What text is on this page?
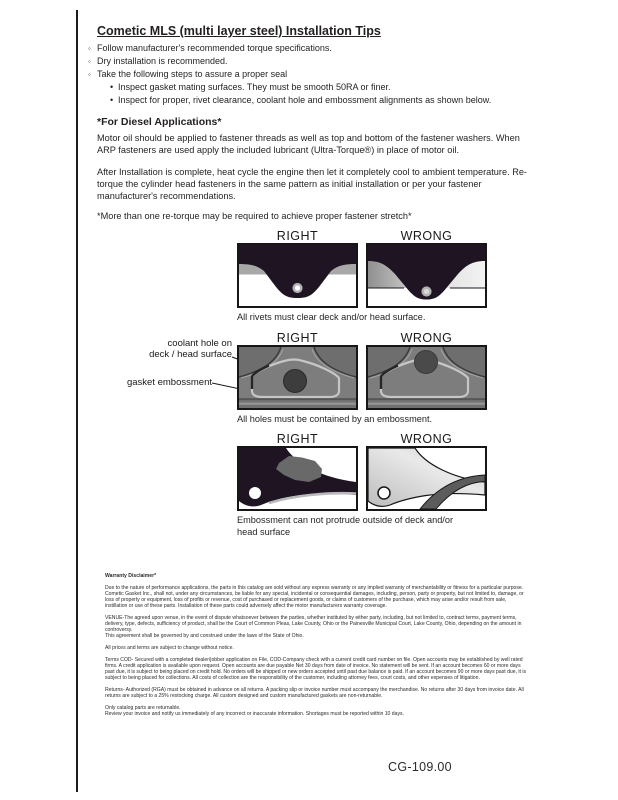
Cometic MLS (multi layer steel) Installation Tips
◦ Follow manufacturer's recommended torque specifications.
◦ Dry installation is recommended.
◦ Take the following steps to assure a proper seal
• Inspect gasket mating surfaces. They must be smooth 50RA or finer.
• Inspect for proper, rivet clearance, coolant hole and embossment alignments as shown below.
*For Diesel Applications*
Motor oil should be applied to fastener threads as well as top and bottom of the fastener washers. When ARP fasteners are used apply the included lubricant (Ultra-Torque®) in place of motor oil.
After Installation is complete, heat cycle the engine then let it completely cool to ambient temperature. Re-torque the cylinder head fasteners in the same pattern as initial installation or per your fastener manufacturer's recommendations.
*More than one re-torque may be required to achieve proper fastener stretch*
RIGHT	WRONG
All rivets must clear deck and/or head surface.
RIGHT	WRONG
coolant hole on
deck / head surface
gasket embossment
All holes must be contained by an embossment.
RIGHT	WRONG
Embossment can not protrude outside of deck and/or head surface
Warranty Disclaimer*
Due to the nature of performance applications, the parts in this catalog are sold without any express warranty or any implied warranty of merchantability or fitness for a particular purpose. Cometic Gasket Inc., shall not, under any circumstances, be liable for any special, incidental or consequential damages, including, person, party or property, but not limited to, damage, or loss of property or equipment, loss of profits or revenue, cost of purchased or replacement goods, or claims of customers of the purchase, which may arise and/or result from sale, instillation or use of these parts. Installation of these parts could adversely affect the motor manufacturers warranty coverage.
VENUE-The agreed upon venue, in the event of dispute whatsoever between the parties, whether instituted by either party, including, but not limited to, contract terms, payment terms, delivery, type, defects, sufficiency of product, shall be the Court of Common Pleas, Lake County, Ohio or the Painesville Municipal Court, Lake County, Ohio, depending on the amount in controversy.
This agreement shall be governed by and construed under the laws of the State of Ohio.
All prices and terms are subject to change without notice.
Terms COD- Secured with a completed dealer/jobber application on File, COD-Company check with a current credit card number on file. Open accounts may be established by well rated firms. A credit application is available upon request. Open accounts are due payable Net 30 days from date of invoice. No statement will be sent. If an account becomes 60 or more days past due, it is subject to being placed on credit hold. No orders will be shipped or new orders accepted until past due balance is paid. If an account becomes 90 or more days past due, it is subject to being placed for collections. All costs of collection are the responsibility of the customer, including attorney fees, court costs, and other expenses of litigation.
Returns- Authorized (RGA) must be obtained in advance on all returns. A packing slip or invoice number must accompany the merchandise. No returns after 30 days from invoice date. All returns are subject to a 25% restocking charge. All custom designed and custom manufactured gaskets are non-returnable.
Only catalog parts are returnable.
Review your invoice and notify us immediately of any incorrect or inaccurate information. Shortages must be reported within 10 days.
CG-109.00
